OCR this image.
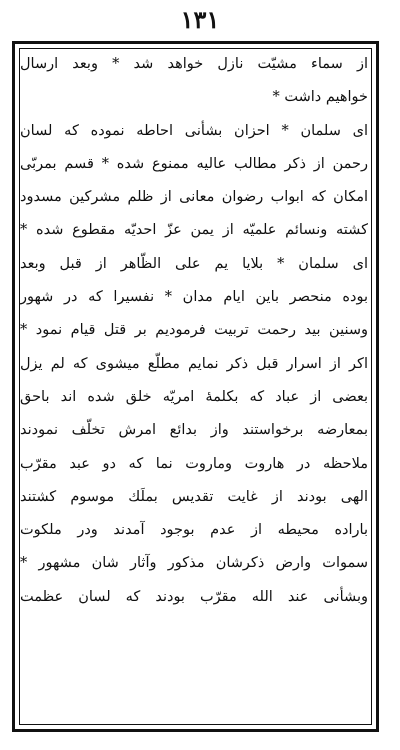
۱۳۱
از سماء مشيّت نازل خواهد شد * وبعد ارسال
خواهيم داشت *
اى سلمان * احزان بشأنى احاطه نموده که لسان
رحمن از ذکر مطالب عاليه ممنوع شده * قسم بمربّى
امکان که ابواب رضوان معانى از ظلم مشرکين مسدود
کشته ونسائم علميّه از يمن عزّ احديّه مقطوع شده *
اى سلمان * بلايا يم على الظّاهر از قبل وبعد
بوده منحصر باين ايام مدان * نفسيرا که در شهور
وسنين بيد رحمت تربيت فرموديم بر قتل قيام نمود *
اکر از اسرار قبل ذکر نمايم مطلّع ميشوى که لم يزل
بعضى از عباد که بکلمهٔ امريّه خلق شده اند باحق
بمعارضه برخواستند واز بدائع امرش تخلّف نمودند
ملاحظه در هاروت وماروت نما که دو عبد مقرّب
الهى بودند از غايت تقديس بملَك موسوم کشتند
باراده محيطه از عدم بوجود آمدند ودر ملکوت
سموات وارض ذکرشان مذکور وآثار شان مشهور *
وبشأنى عند الله مقرّب بودند که لسان عظمت
